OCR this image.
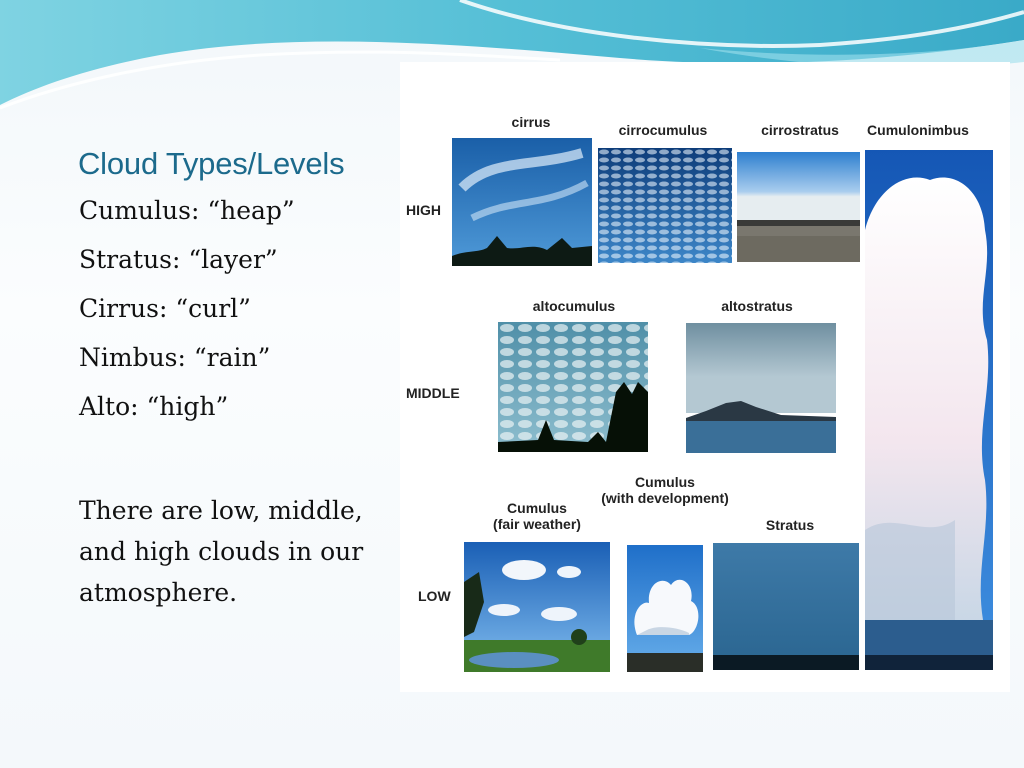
Cloud Types/Levels
Cumulus: “heap”
Stratus: “layer”
Cirrus: “curl”
Nimbus: “rain”
Alto: “high”
There are low, middle, and high clouds in our atmosphere.
HIGH
MIDDLE
LOW
cirrus	cirrocumulus	cirrostratus Cumulonimbus
altocumulus	altostratus
Cumulus
(fair weather)
Cumulus
(with development)
Stratus
